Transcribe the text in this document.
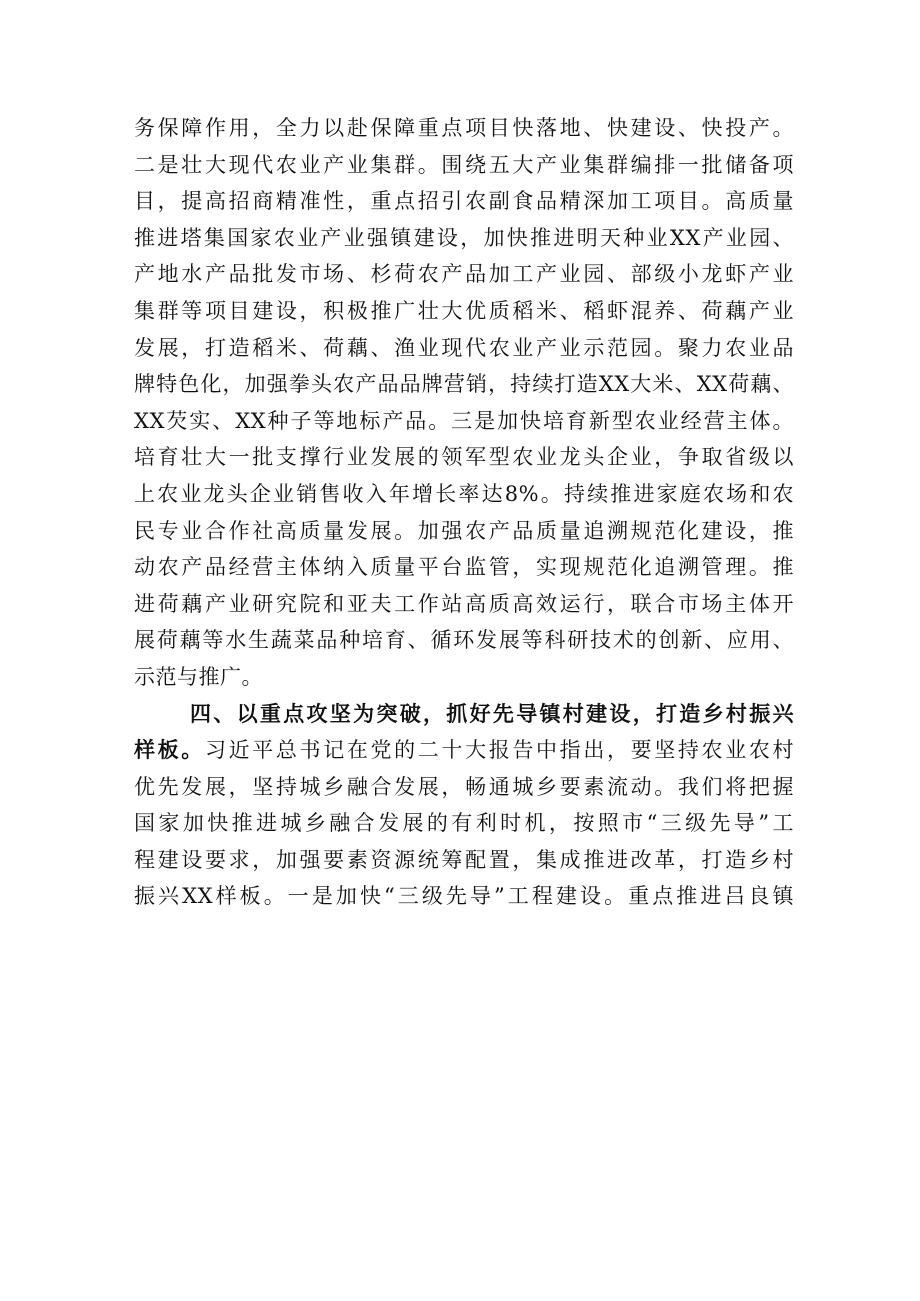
务保障作用，全力以赴保障重点项目快落地、快建设、快投产。
二是壮大现代农业产业集群。围绕五大产业集群编排一批储备项
目，提高招商精准性，重点招引农副食品精深加工项目。高质量
推进塔集国家农业产业强镇建设，加快推进明天种业XX产业园、
产地水产品批发市场、杉荷农产品加工产业园、部级小龙虾产业
集群等项目建设，积极推广壮大优质稻米、稻虾混养、荷藕产业
发展，打造稻米、荷藕、渔业现代农业产业示范园。聚力农业品
牌特色化，加强拳头农产品品牌营销，持续打造XX大米、XX荷藕、
XX芡实、XX种子等地标产品。三是加快培育新型农业经营主体。
培育壮大一批支撑行业发展的领军型农业龙头企业，争取省级以
上农业龙头企业销售收入年增长率达8%。持续推进家庭农场和农
民专业合作社高质量发展。加强农产品质量追溯规范化建设，推
动农产品经营主体纳入质量平台监管，实现规范化追溯管理。推
进荷藕产业研究院和亚夫工作站高质高效运行，联合市场主体开
展荷藕等水生蔬菜品种培育、循环发展等科研技术的创新、应用、
示范与推广。
四、以重点攻坚为突破，抓好先导镇村建设，打造乡村振兴
样板。习近平总书记在党的二十大报告中指出，要坚持农业农村
优先发展，坚持城乡融合发展，畅通城乡要素流动。我们将把握
国家加快推进城乡融合发展的有利时机，按照市“三级先导”工
程建设要求，加强要素资源统筹配置，集成推进改革，打造乡村
振兴XX样板。一是加快“三级先导”工程建设。重点推进吕良镇
